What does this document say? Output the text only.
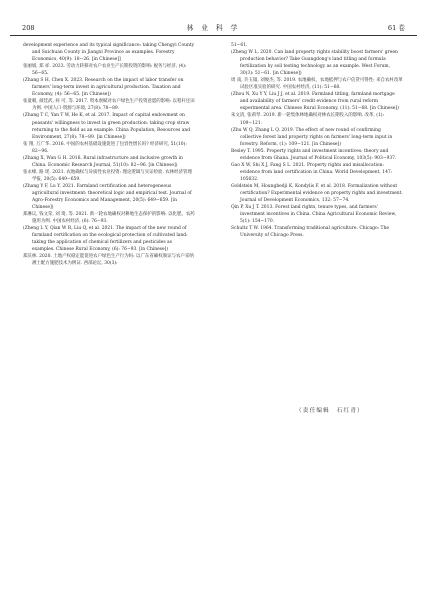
208	林 业 科 学	61 卷

development experience and its typical significance: taking Chengyi County and Suichuan County in Jiangxi Province as examples. Forestry Economics, 40(9): 18−26. [in Chinese]]

张丽娟, 郑 祥. 2023. 劳动力转移对农户农业生产长期投资的影响: 税务与经济, (4): 56−65.

(Zhang S H, Chen X. 2023. Research on the impact of labor transfer on farmers' long-term invest in agricultural production. Taxation and Economy, (4): 56−65. [in Chinese])

张童朝, 颜廷武, 何 可, 等. 2017. 资本禀赋对农户绿色生产投资意愿的影响: 以秸秆还田为例. 中国人口·资源与环境, 27(8): 78−89.

(Zhang T C, Yan T W, He K, et al. 2017. Impact of capital endowment on peasants' willingness to invest in green production: taking crop straw returning to the field as an example. China Population, Resources and Environment, 27(8): 78−89. [in Chinese])

张 翔, 万广华. 2016. 中国的农村基础设施促进了包容性增长吗? 经济研究, 51(10): 82−96.

(Zhang X, Wan G H. 2016. Rural infrastructure and inclusive growth in China. Economic Research Journal, 51(10): 82−96. [in Chinese])

张永峰, 路 瑶. 2021. 农地确权与异质性农业投资: 理论逻辑与实证检验. 农林经济管理学报, 20(5): 649−659.

(Zhang Y F, Lu Y. 2021. Farmland certification and heterogeneous agricultural investment: theoretical logic and empirical test. Journal of Agro-Forestry Economics and Management, 20(5): 649−659. [in Chinese])

郑淋议, 钱文荣, 刘 琦, 等. 2021. 新一轮农地确权对耕地生态保护的影响: 以化肥、农药施用为例. 中国农村经济, (6): 76−93.

(Zheng L Y, Qian W R, Liu Q, et al. 2021. The impact of the new round of farmland certification on the ecological protection of cultivated land: taking the application of chemical fertilizers and pesticides as examples. Chinese Rural Economy, (6): 76−93. [in Chinese])

郑沃林. 2020. 土地产权稳定能促进农户绿色生产行为吗: 以广东省确权颁证与农户采纳测土配方施肥技术为例证. 西部论坛, 30(3):

51−61.

(Zheng W L. 2020. Can land property rights stability boost farmers' green production behavior? Take Guangdong's land titling and formula fertilization by soil testing technology as an example. West Forum, 30(3): 51−61. [in Chinese])

周 南, 许玉韫, 刘俊杰, 等. 2019. 农地确权、农地抵押与农户信贷可得性: 来自农村改革试验区准实验的研究. 中国农村经济, (11): 51−68.

(Zhou N, Xu Y Y, Liu J J, et al. 2019. Farmland titling, farmland mortgage and availability of farmers' credit evidence from rural reform experimental area. Chinese Rural Economy, (11): 51−68. [in Chinese])

朱文清, 张莉琴. 2019. 新一轮集体林地确权对林农长期投入的影响. 改革, (1): 109−121.

(Zhu W Q, Zhang L Q. 2019. The effect of new round of confirming collective forest land property rights on farmers' long-term input in forestry. Reform, (1): 109−121. [in Chinese])

Besley T. 1995. Property rights and investment incentives: theory and evidence from Ghana. Journal of Political Economy, 103(5): 903−937.

Gao X W, Shi X J, Fang S L. 2021. Property rights and misallocation: evidence from land certification in China. World Development, 147: 105632.

Goldstein M, Houngbedji K, Kondylis F, et al. 2018. Formalization without certification? Experimental evidence on property rights and investment. Journal of Development Economics, 132: 57−74.

Qin P, Xu J T. 2013. Forest land rights, tenure types, and farmers' investment incentives in China. China Agricultural Economic Review, 5(1): 154−170.

Schultz T W. 1964. Transforming traditional agriculture. Chicago: The University of Chicago Press.

（责任编辑　石红青）
